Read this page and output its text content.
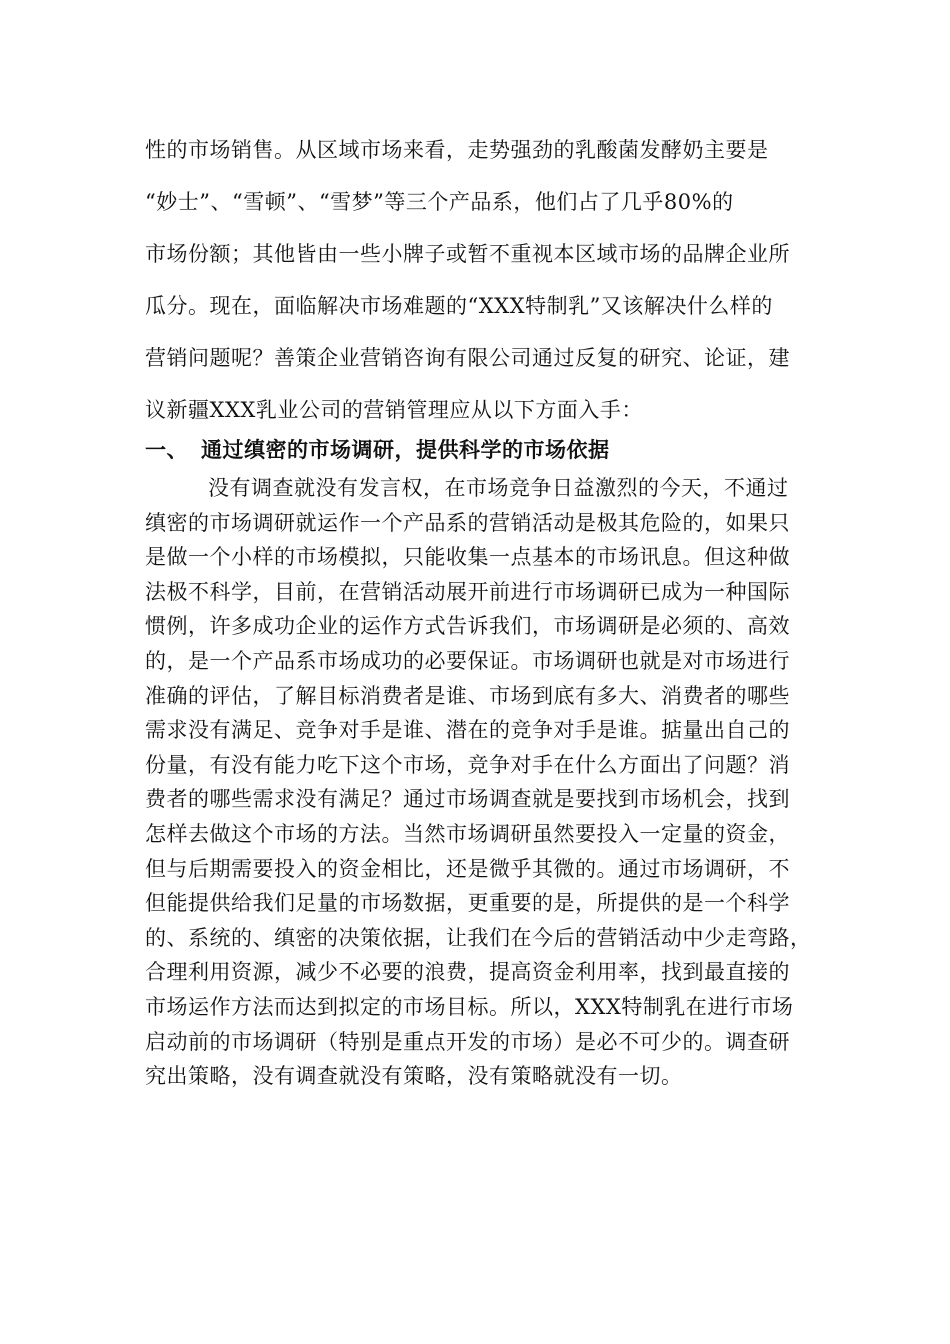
性的市场销售。从区域市场来看，走势强劲的乳酸菌发酵奶主要是
“妙士”、“雪顿”、“雪梦”等三个产品系，他们占了几乎80%的
市场份额；其他皆由一些小牌子或暂不重视本区域市场的品牌企业所
瓜分。现在，面临解决市场难题的“XXX特制乳”又该解决什么样的
营销问题呢？善策企业营销咨询有限公司通过反复的研究、论证，建
议新疆XXX乳业公司的营销管理应从以下方面入手：
一、 通过缜密的市场调研，提供科学的市场依据
没有调查就没有发言权，在市场竞争日益激烈的今天，不通过
缜密的市场调研就运作一个产品系的营销活动是极其危险的，如果只
是做一个小样的市场模拟，只能收集一点基本的市场讯息。但这种做
法极不科学，目前，在营销活动展开前进行市场调研已成为一种国际
惯例，许多成功企业的运作方式告诉我们，市场调研是必须的、高效
的，是一个产品系市场成功的必要保证。市场调研也就是对市场进行
准确的评估，了解目标消费者是谁、市场到底有多大、消费者的哪些
需求没有满足、竞争对手是谁、潜在的竞争对手是谁。掂量出自己的
份量，有没有能力吃下这个市场，竞争对手在什么方面出了问题？消
费者的哪些需求没有满足？通过市场调查就是要找到市场机会，找到
怎样去做这个市场的方法。当然市场调研虽然要投入一定量的资金，
但与后期需要投入的资金相比，还是微乎其微的。通过市场调研，不
但能提供给我们足量的市场数据，更重要的是，所提供的是一个科学
的、系统的、缜密的决策依据，让我们在今后的营销活动中少走弯路，
合理利用资源，减少不必要的浪费，提高资金利用率，找到最直接的
市场运作方法而达到拟定的市场目标。所以，XXX特制乳在进行市场
启动前的市场调研（特别是重点开发的市场）是必不可少的。调查研
究出策略，没有调查就没有策略，没有策略就没有一切。
